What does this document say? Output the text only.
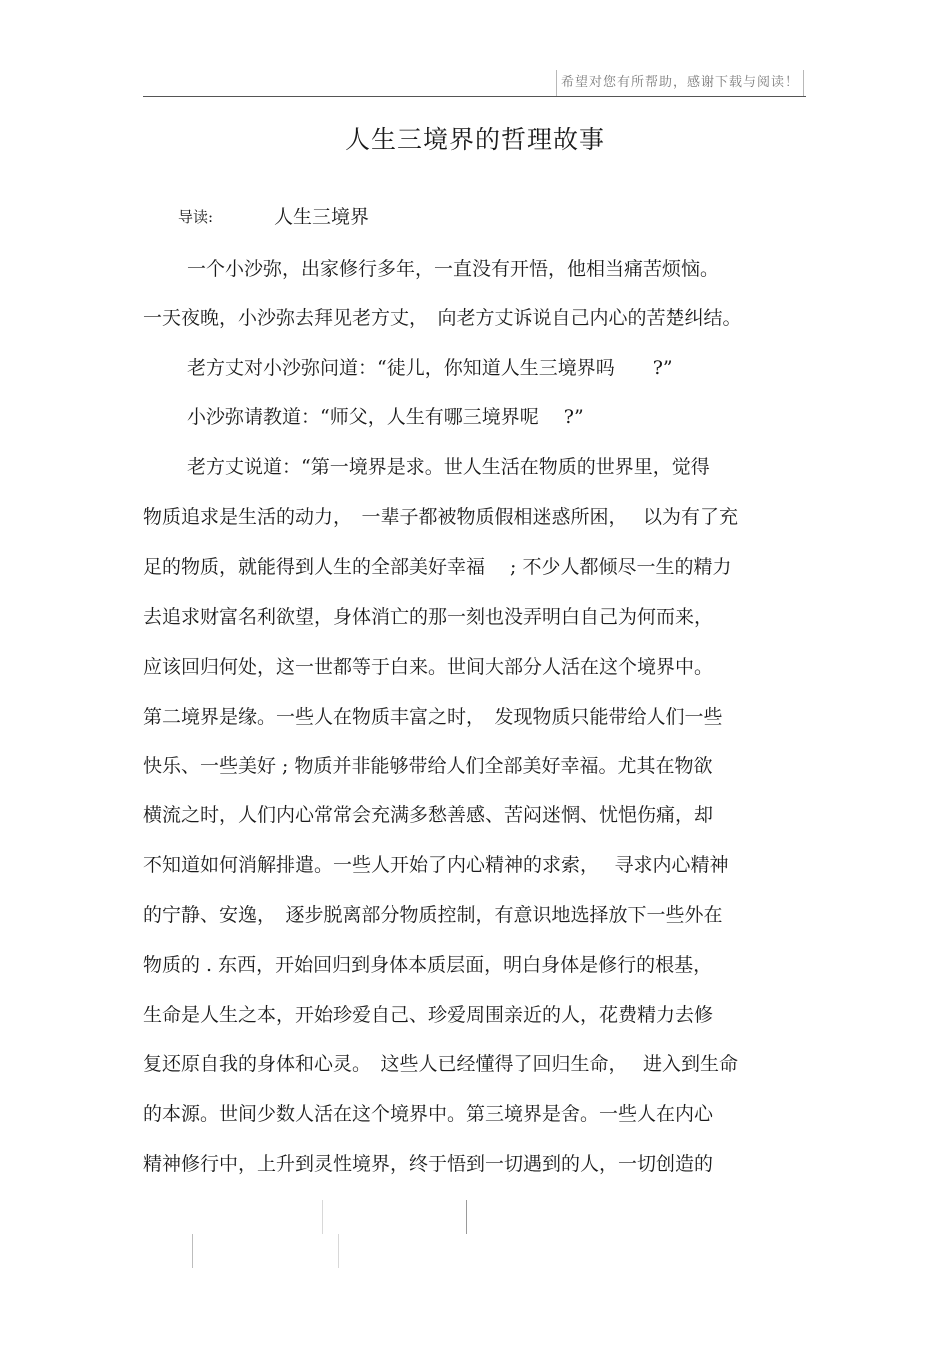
希望对您有所帮助，感谢下载与阅读！
人生三境界的哲理故事
导读:	人生三境界
一个小沙弥，出家修行多年，一直没有开悟，他相当痛苦烦恼。
一天夜晚，小沙弥去拜见老方丈，　向老方丈诉说自己内心的苦楚纠结。
老方丈对小沙弥问道：“徒儿，你知道人生三境界吗　　?”
小沙弥请教道：“师父，人生有哪三境界呢　 ?”
老方丈说道：“第一境界是求。世人生活在物质的世界里，觉得
物质追求是生活的动力，　一辈子都被物质假相迷惑所困，　 以为有了充
足的物质，就能得到人生的全部美好幸福　 ; 不少人都倾尽一生的精力
去追求财富名利欲望，身体消亡的那一刻也没弄明白自己为何而来，
应该回归何处，这一世都等于白来。世间大部分人活在这个境界中。
第二境界是缘。一些人在物质丰富之时，　发现物质只能带给人们一些
快乐、一些美好 ; 物质并非能够带给人们全部美好幸福。尤其在物欲
横流之时，人们内心常常会充满多愁善感、苦闷迷惘、忧悒伤痛，却
不知道如何消解排遣。一些人开始了内心精神的求索，　 寻求内心精神
的宁静、安逸，　逐步脱离部分物质控制，有意识地选择放下一些外在
物质的 . 东西，开始回归到身体本质层面，明白身体是修行的根基，
生命是人生之本，开始珍爱自己、珍爱周围亲近的人，花费精力去修
复还原自我的身体和心灵。　这些人已经懂得了回归生命，　 进入到生命
的本源。世间少数人活在这个境界中。第三境界是舍。一些人在内心
精神修行中，上升到灵性境界，终于悟到一切遇到的人，一切创造的
